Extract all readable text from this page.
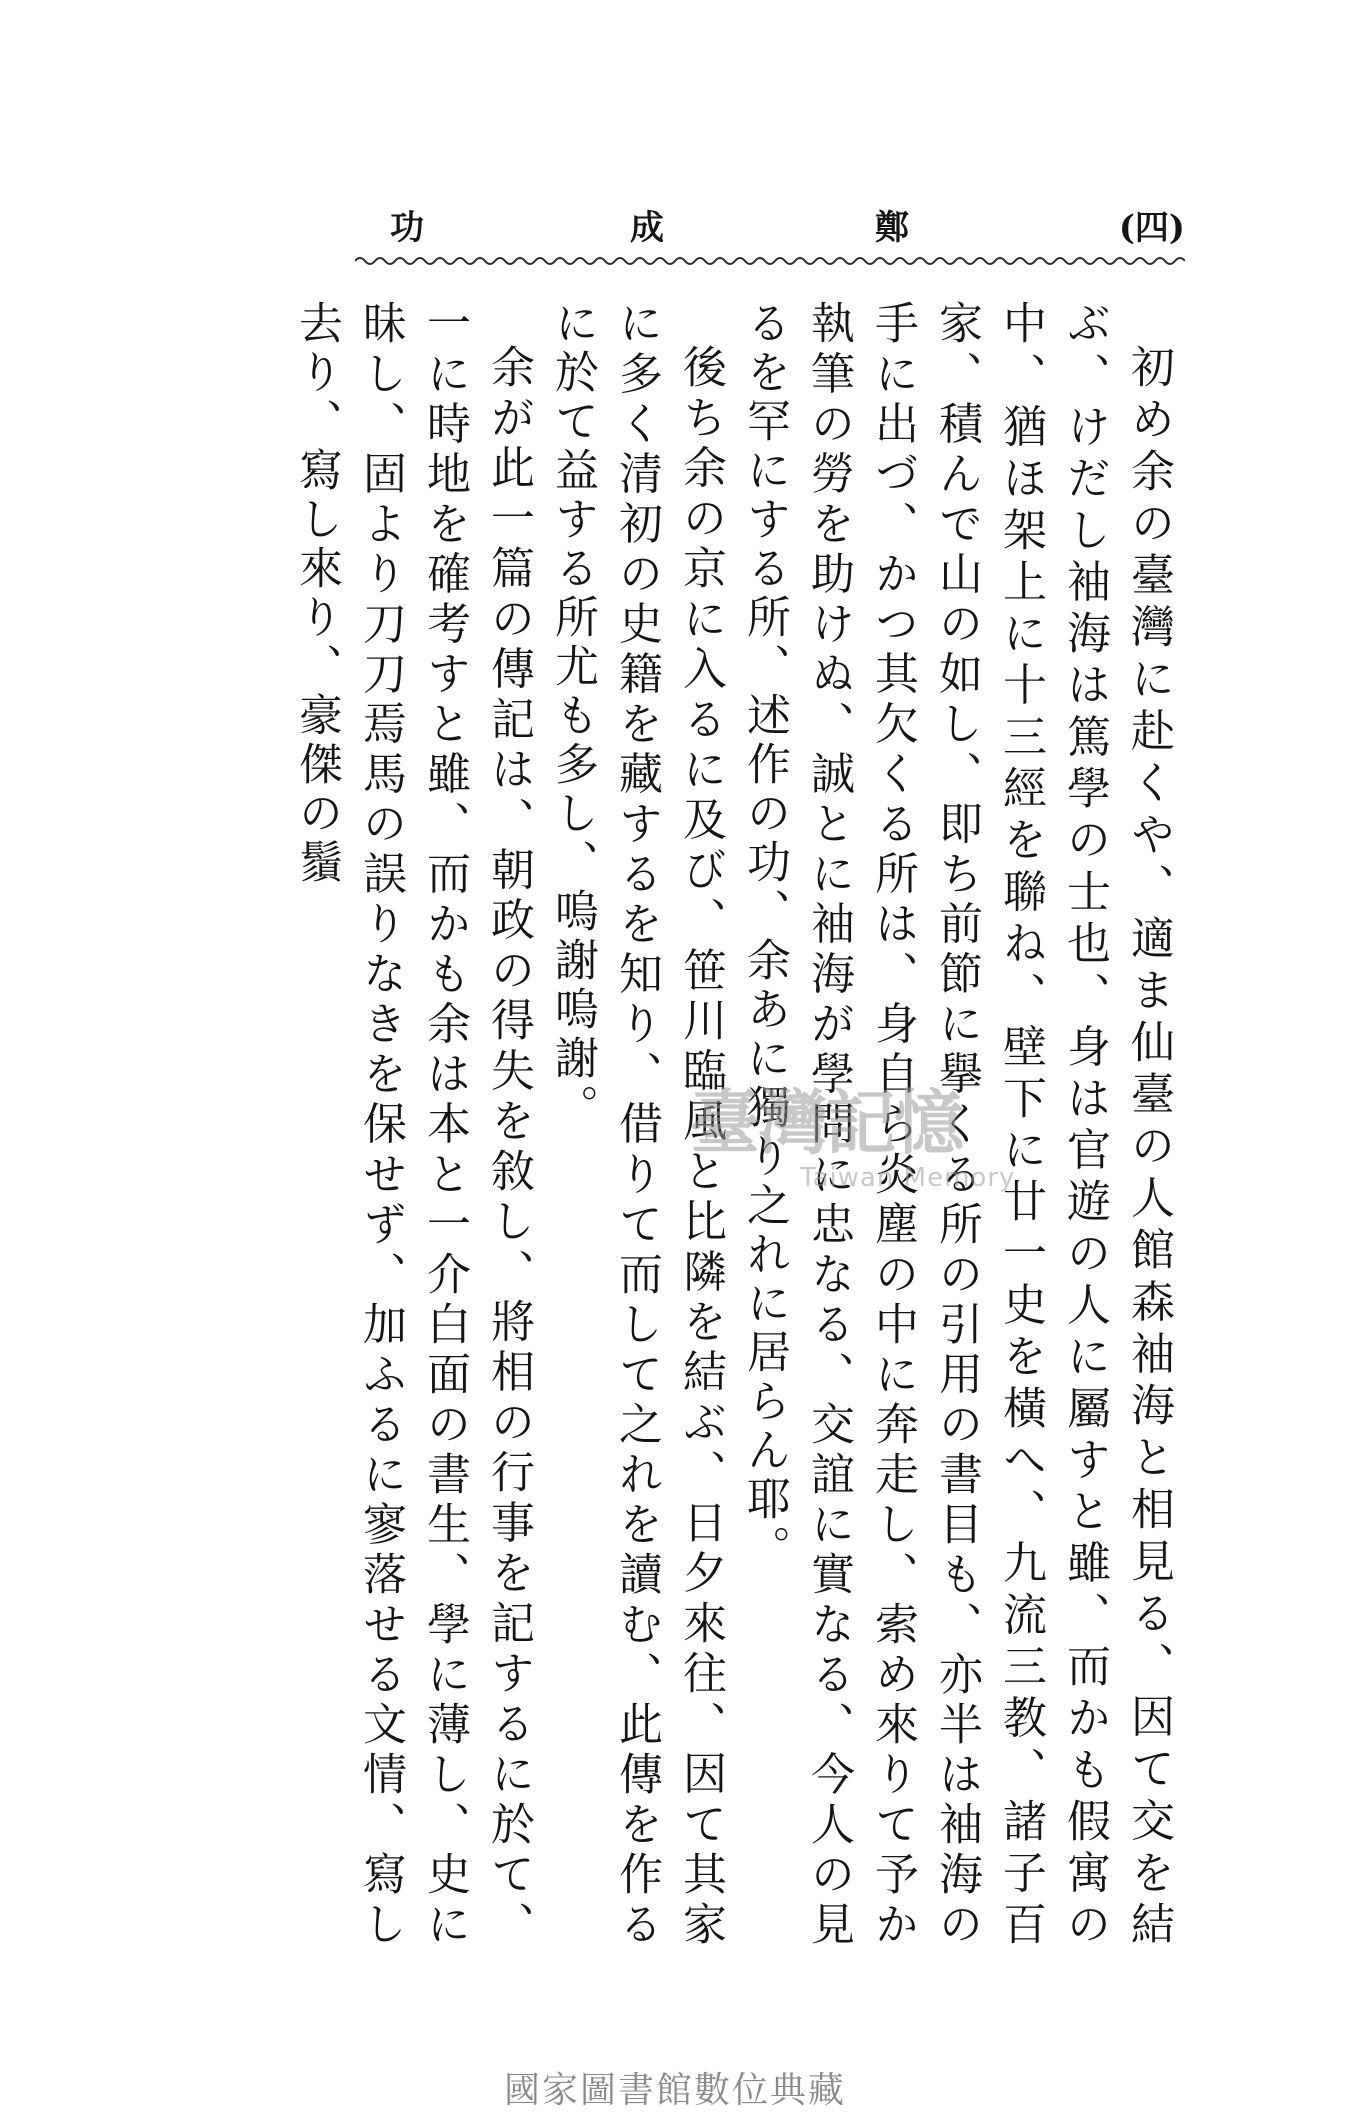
鄭
成
功	(四)

初め余の臺灣に赴くや、適ま仙臺の人館森袖海と相見る、因て交を結ぶ、けだし袖海は篤學の士也、身は官遊の人に屬すと雖、而かも假寓の中、猶ほ架上に十三經を聯ね、壁下に廿一史を橫へ、九流三教、諸子百家、積んで山の如し、即ち前節に擧くる所の引用の書目も、亦半は袖海の手に出づ、かつ其欠くる所は、身自ら炎塵の中に奔走し、索め來りて予か執筆の勞を助けぬ、誠とに袖海が學問に忠なる、交誼に實なる、今人の見るを罕にする所、述作の功、余あに獨り之れに居らん耶。

後ち余の京に入るに及び、笹川臨風と比隣を結ぶ、日夕來往、因て其家に多く清初の史籍を藏するを知り、借りて而して之れを讀む、此傳を作るに於て益する所尤も多し、嗚謝嗚謝。

余が此一篇の傳記は、朝政の得失を敘し、將相の行事を記するに於て、一に時地を確考すと雖、而かも余は本と一介白面の書生、學に薄し、史に昧し、固より刀刀焉馬の誤りなきを保せず、加ふるに寥落せる文情、寫し去り、寫し來り、豪傑の鬚

臺灣記憶
Taiwan Memory
國家圖書館數位典藏
